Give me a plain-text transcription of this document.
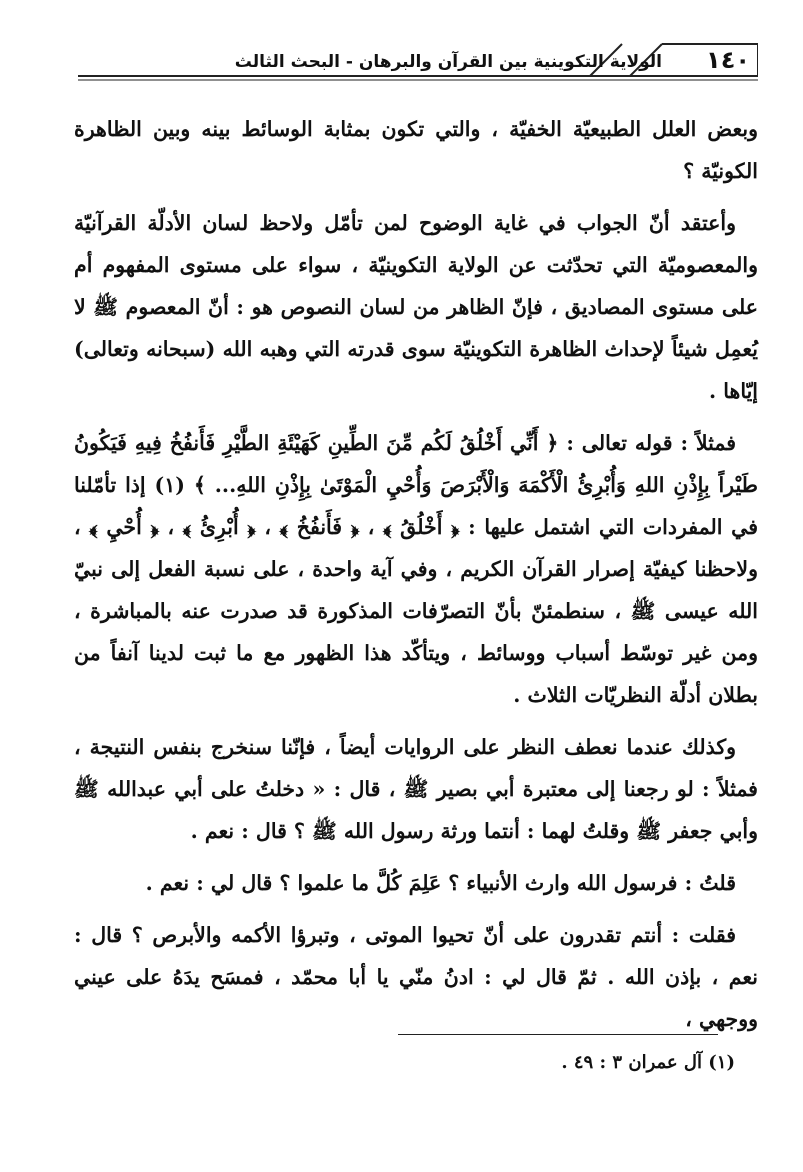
الولاية التكوينية بين القرآن والبرهان - البحث الثالث ١٤٠

وبعض العلل الطبيعيّة الخفيّة ، والتي تكون بمثابة الوسائط بينه وبين الظاهرة الكونيّة ؟

وأعتقد أنّ الجواب في غاية الوضوح لمن تأمّل ولاحظ لسان الأدلّة القرآنيّة والمعصوميّة التي تحدّثت عن الولاية التكوينيّة ، سواء على مستوى المفهوم أم على مستوى المصاديق ، فإنّ الظاهر من لسان النصوص هو : أنّ المعصوم ﷺ لا يُعمِل شيئاً لإحداث الظاهرة التكوينيّة سوى قدرته التي وهبه الله (سبحانه وتعالى) إيّاها .

فمثلاً : قوله تعالى : ﴿ أَنِّي أَخْلُقُ لَكُم مِّنَ الطِّينِ كَهَيْئَةِ الطَّيْرِ فَأَنفُخُ فِيهِ فَيَكُونُ طَيْراً بِإِذْنِ اللهِ وَأُبْرِئُ الْأَكْمَهَ وَالْأَبْرَصَ وَأُحْيِ الْمَوْتَىٰ بِإِذْنِ اللهِ... ﴾ (١) إذا تأمّلنا في المفردات التي اشتمل عليها : ﴿ أَخْلُقُ ﴾ ، ﴿ فَأَنفُخُ ﴾ ، ﴿ أُبْرِئُ ﴾ ، ﴿ أُحْيِ ﴾ ، ولاحظنا كيفيّة إصرار القرآن الكريم ، وفي آية واحدة ، على نسبة الفعل إلى نبيّ الله عيسى ﷺ ، سنطمئنّ بأنّ التصرّفات المذكورة قد صدرت عنه بالمباشرة ، ومن غير توسّط أسباب ووسائط ، ويتأكّد هذا الظهور مع ما ثبت لدينا آنفاً من بطلان أدلّة النظريّات الثلاث .

وكذلك عندما نعطف النظر على الروايات أيضاً ، فإنّنا سنخرج بنفس النتيجة ، فمثلاً : لو رجعنا إلى معتبرة أبي بصير ﷺ ، قال : « دخلتُ على أبي عبدالله ﷺ وأبي جعفر ﷺ وقلتُ لهما : أنتما ورثة رسول الله ﷺ ؟ قال : نعم .

قلتُ : فرسول الله وارث الأنبياء ؟ عَلِمَ كُلَّ ما علموا ؟ قال لي : نعم .

فقلت : أنتم تقدرون على أنّ تحيوا الموتى ، وتبرؤا الأكمه والأبرص ؟ قال : نعم ، بإذن الله . ثمّ قال لي : ادنُ منّي يا أبا محمّد ، فمسَح يدَهُ على عيني ووجهي ،

(١) آل عمران ٣ : ٤٩ .
